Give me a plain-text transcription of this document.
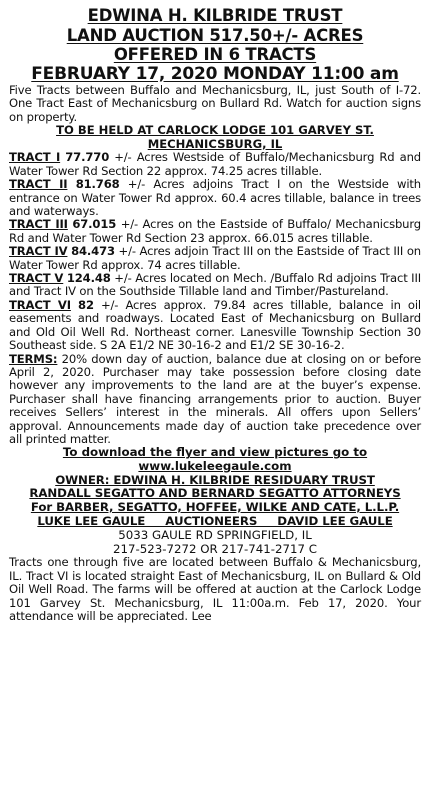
EDWINA H. KILBRIDE TRUST
LAND AUCTION 517.50+/- ACRES
OFFERED IN 6 TRACTS
FEBRUARY 17, 2020 MONDAY 11:00 am

Five Tracts between Buffalo and Mechanicsburg, IL, just South of I-72. One Tract East of Mechanicsburg on Bullard Rd. Watch for auction signs on property.

TO BE HELD AT CARLOCK LODGE 101 GARVEY ST.
MECHANICSBURG, IL

TRACT I 77.770 +/- Acres Westside of Buffalo/Mechanicsburg Rd and Water Tower Rd Section 22 approx. 74.25 acres tillable.

TRACT II 81.768 +/- Acres adjoins Tract I on the Westside with entrance on Water Tower Rd approx. 60.4 acres tillable, balance in trees and waterways.

TRACT III 67.015 +/- Acres on the Eastside of Buffalo/ Mechanicsburg Rd and Water Tower Rd Section 23 approx. 66.015 acres tillable.

TRACT IV 84.473 +/- Acres adjoin Tract III on the Eastside of Tract III on Water Tower Rd approx. 74 acres tillable.

TRACT V 124.48 +/- Acres located on Mech. /Buffalo Rd adjoins Tract III and Tract IV on the Southside Tillable land and Timber/Pastureland.

TRACT VI 82 +/- Acres approx. 79.84 acres tillable, balance in oil easements and roadways. Located East of Mechanicsburg on Bullard and Old Oil Well Rd. Northeast corner. Lanesville Township Section 30 Southeast side. S 2A E1/2 NE 30-16-2 and E1/2 SE 30-16-2.

TERMS: 20% down day of auction, balance due at closing on or before April 2, 2020. Purchaser may take possession before closing date however any improvements to the land are at the buyer’s expense. Purchaser shall have financing arrangements prior to auction. Buyer receives Sellers’ interest in the minerals. All offers upon Sellers’ approval. Announcements made day of auction take precedence over all printed matter.

To download the flyer and view pictures go to
www.lukeleegaule.com
OWNER: EDWINA H. KILBRIDE RESIDUARY TRUST
RANDALL SEGATTO AND BERNARD SEGATTO ATTORNEYS
For BARBER, SEGATTO, HOFFEE, WILKE AND CATE, L.L.P.
LUKE LEE GAULE     AUCTIONEERS     DAVID LEE GAULE
5033 GAULE RD SPRINGFIELD, IL
217-523-7272 OR 217-741-2717 C

Tracts one through five are located between Buffalo & Mechanicsburg, IL. Tract VI is located straight East of Mechanicsburg, IL on Bullard & Old Oil Well Road. The farms will be offered at auction at the Carlock Lodge 101 Garvey St. Mechanicsburg, IL 11:00a.m. Feb 17, 2020. Your attendance will be appreciated. Lee
